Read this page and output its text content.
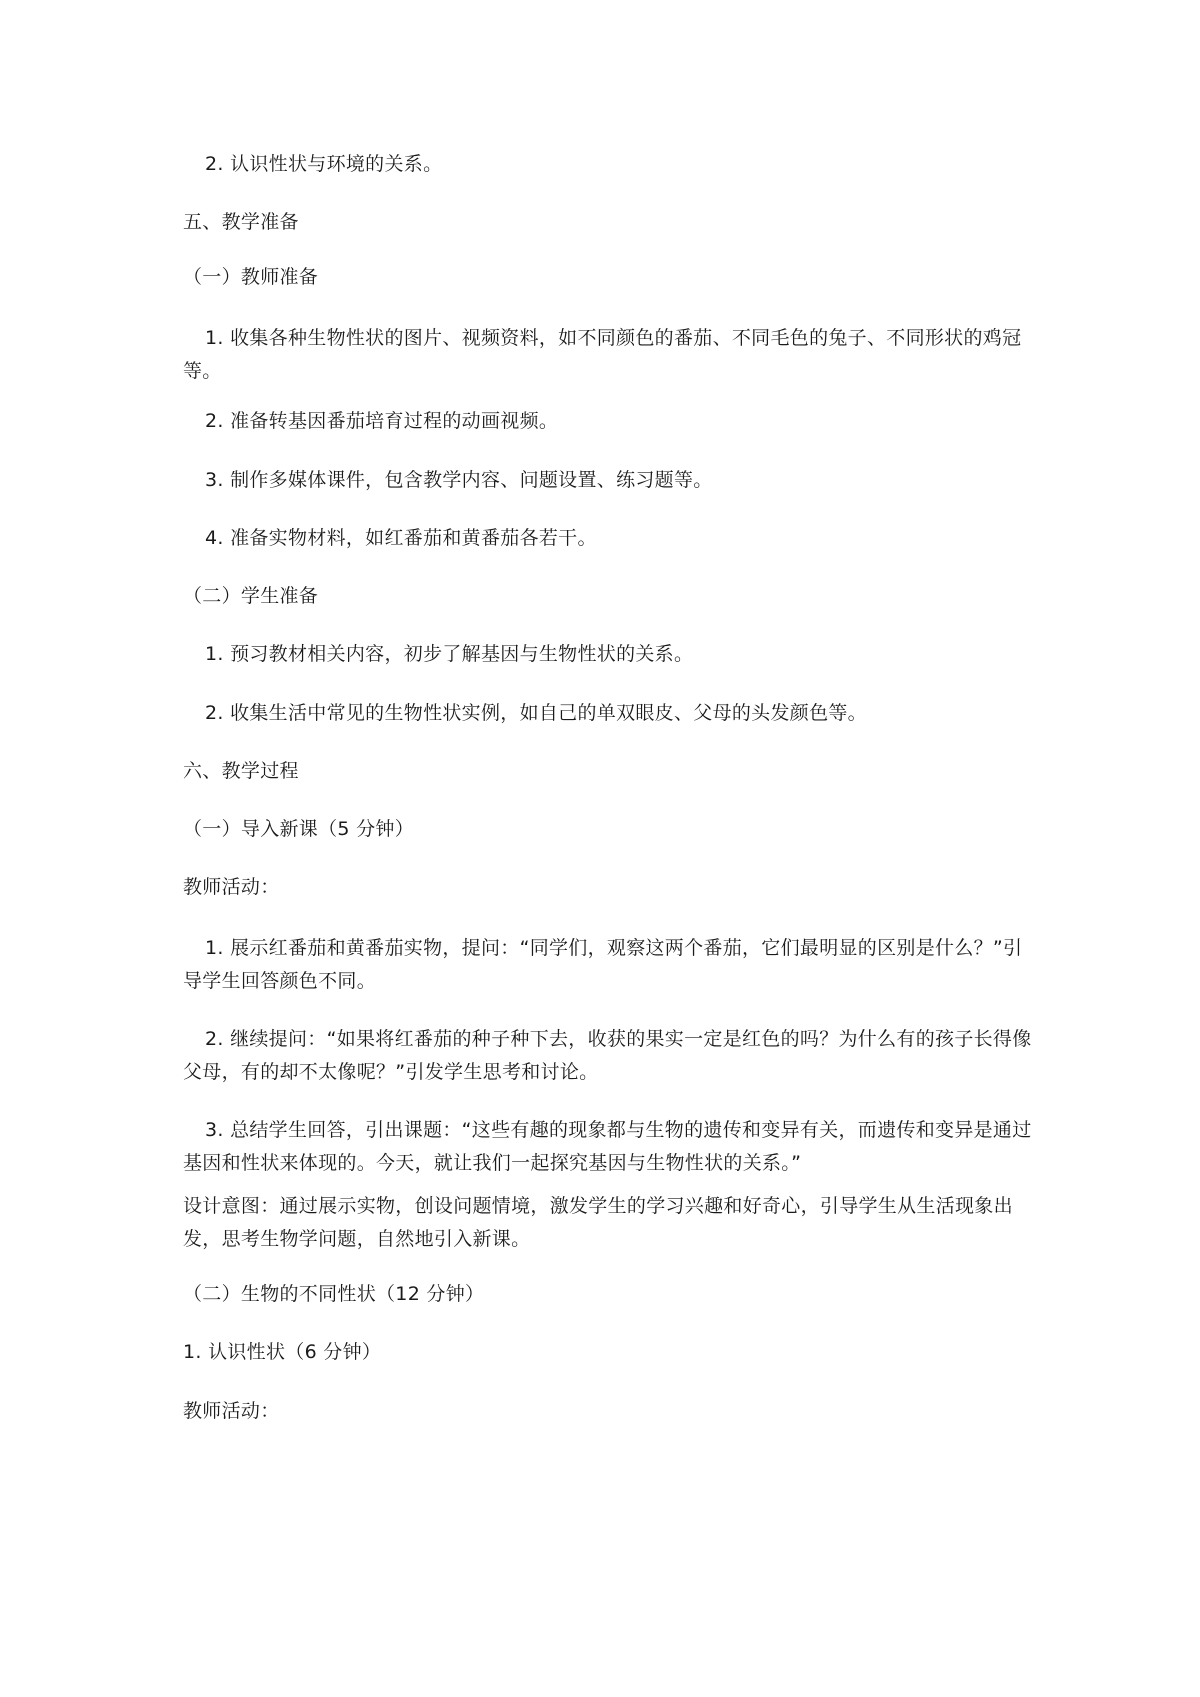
2. 认识性状与环境的关系。

五、教学准备

（一）教师准备

1. 收集各种生物性状的图片、视频资料，如不同颜色的番茄、不同毛色的兔子、不同形状的鸡冠等。

2. 准备转基因番茄培育过程的动画视频。

3. 制作多媒体课件，包含教学内容、问题设置、练习题等。

4. 准备实物材料，如红番茄和黄番茄各若干。

（二）学生准备

1. 预习教材相关内容，初步了解基因与生物性状的关系。

2. 收集生活中常见的生物性状实例，如自己的单双眼皮、父母的头发颜色等。

六、教学过程

（一）导入新课（5 分钟）

教师活动：

1. 展示红番茄和黄番茄实物，提问：“同学们，观察这两个番茄，它们最明显的区别是什么？”引导学生回答颜色不同。

2. 继续提问：“如果将红番茄的种子种下去，收获的果实一定是红色的吗？为什么有的孩子长得像父母，有的却不太像呢？”引发学生思考和讨论。

3. 总结学生回答，引出课题：“这些有趣的现象都与生物的遗传和变异有关，而遗传和变异是通过基因和性状来体现的。今天，就让我们一起探究基因与生物性状的关系。”

设计意图：通过展示实物，创设问题情境，激发学生的学习兴趣和好奇心，引导学生从生活现象出发，思考生物学问题，自然地引入新课。

（二）生物的不同性状（12 分钟）

1. 认识性状（6 分钟）

教师活动：
